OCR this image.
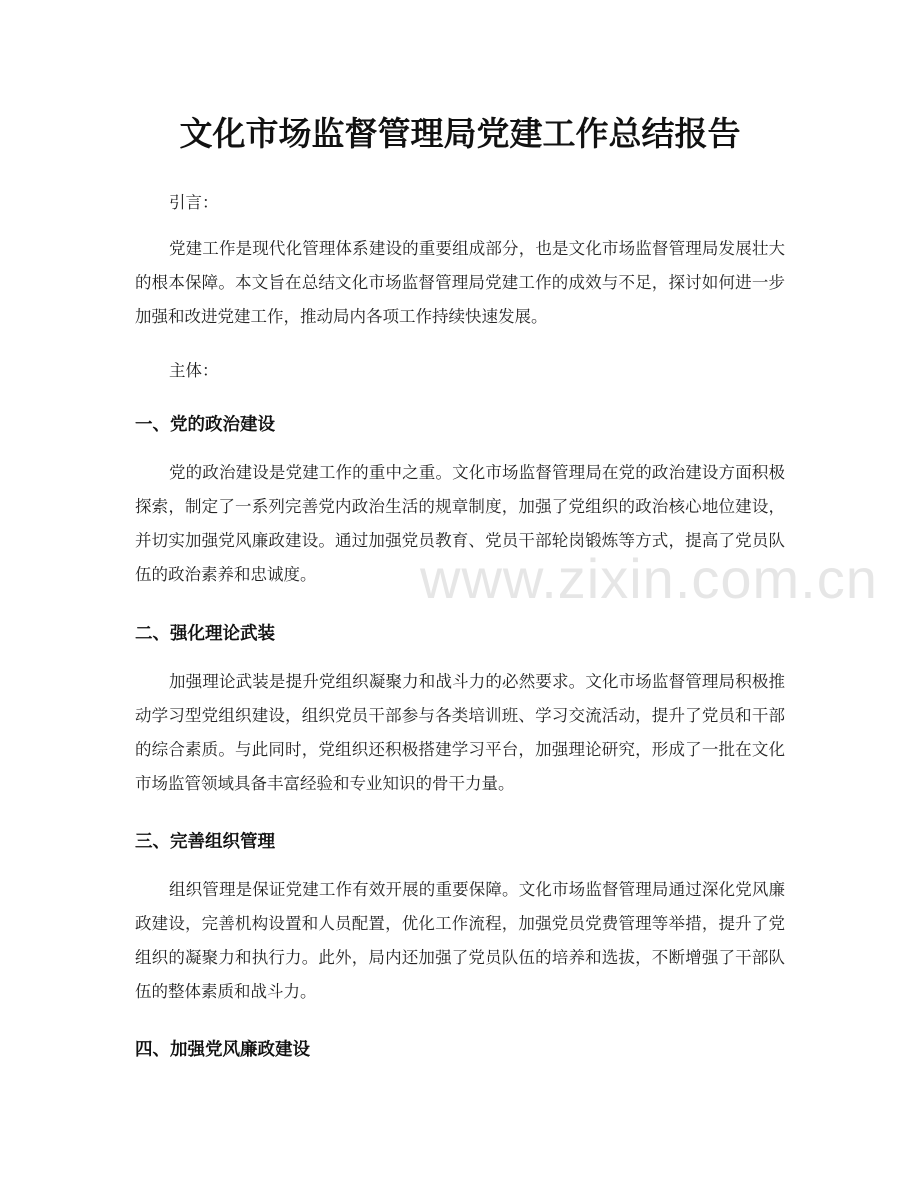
文化市场监督管理局党建工作总结报告

引言：

党建工作是现代化管理体系建设的重要组成部分，也是文化市场监督管理局发展壮大的根本保障。本文旨在总结文化市场监督管理局党建工作的成效与不足，探讨如何进一步加强和改进党建工作，推动局内各项工作持续快速发展。

主体：

一、党的政治建设

党的政治建设是党建工作的重中之重。文化市场监督管理局在党的政治建设方面积极探索，制定了一系列完善党内政治生活的规章制度，加强了党组织的政治核心地位建设，并切实加强党风廉政建设。通过加强党员教育、党员干部轮岗锻炼等方式，提高了党员队伍的政治素养和忠诚度。

二、强化理论武装

加强理论武装是提升党组织凝聚力和战斗力的必然要求。文化市场监督管理局积极推动学习型党组织建设，组织党员干部参与各类培训班、学习交流活动，提升了党员和干部的综合素质。与此同时，党组织还积极搭建学习平台，加强理论研究，形成了一批在文化市场监管领域具备丰富经验和专业知识的骨干力量。

三、完善组织管理

组织管理是保证党建工作有效开展的重要保障。文化市场监督管理局通过深化党风廉政建设，完善机构设置和人员配置，优化工作流程，加强党员党费管理等举措，提升了党组织的凝聚力和执行力。此外，局内还加强了党员队伍的培养和选拔，不断增强了干部队伍的整体素质和战斗力。

四、加强党风廉政建设
www.zixin.com.cn
